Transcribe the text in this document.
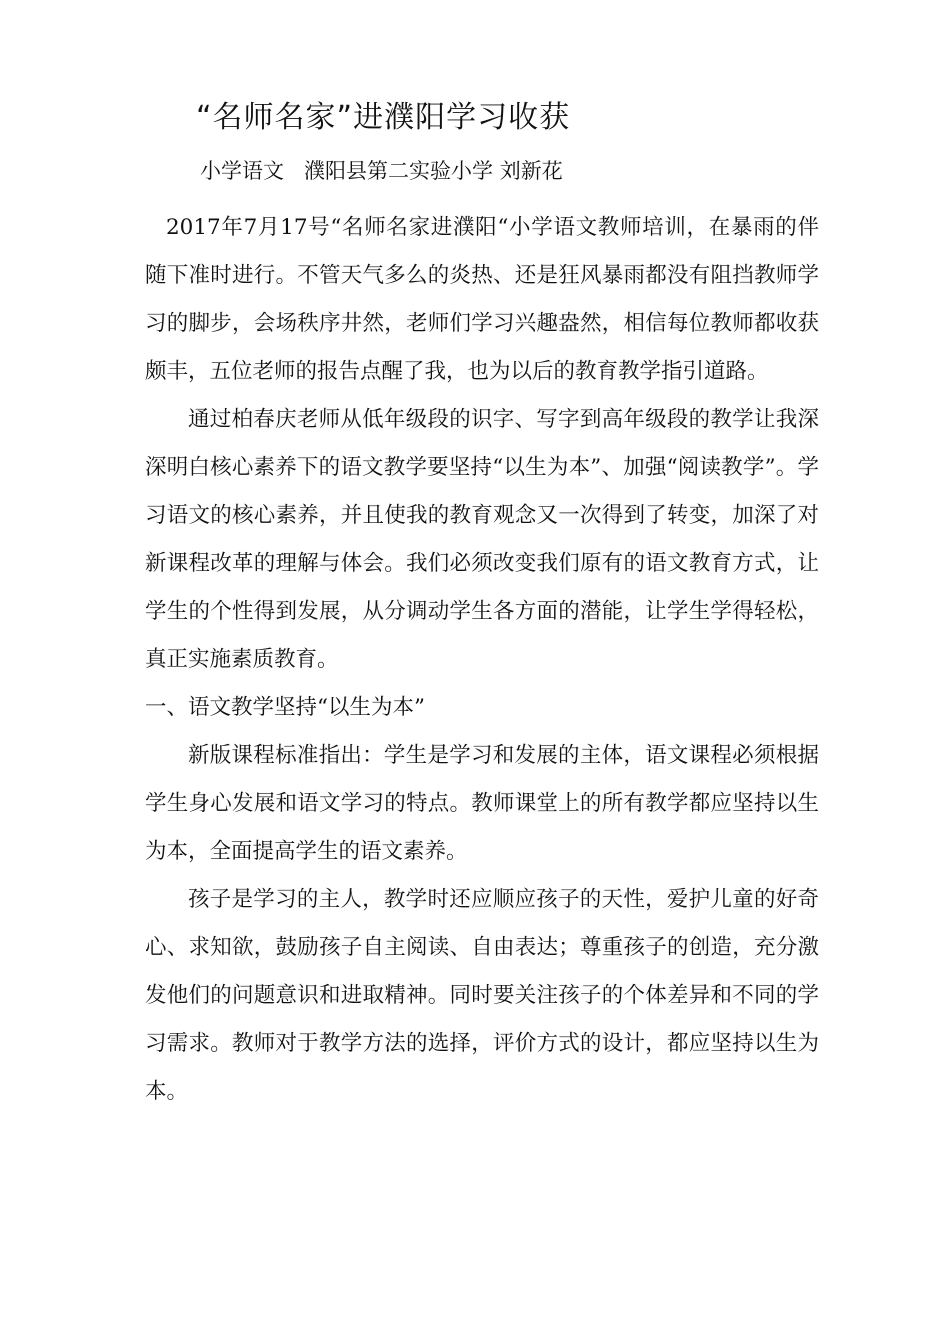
“名师名家”进濮阳学习收获
小学语文   濮阳县第二实验小学 刘新花

2017年7月17号“名师名家进濮阳“小学语文教师培训，在暴雨的伴随下准时进行。不管天气多么的炎热、还是狂风暴雨都没有阻挡教师学习的脚步，会场秩序井然，老师们学习兴趣盎然，相信每位教师都收获颇丰，五位老师的报告点醒了我，也为以后的教育教学指引道路。

通过柏春庆老师从低年级段的识字、写字到高年级段的教学让我深深明白核心素养下的语文教学要坚持“以生为本”、加强“阅读教学”。学习语文的核心素养，并且使我的教育观念又一次得到了转变，加深了对新课程改革的理解与体会。我们必须改变我们原有的语文教育方式，让学生的个性得到发展，从分调动学生各方面的潜能，让学生学得轻松，真正实施素质教育。

一、语文教学坚持“以生为本”

新版课程标准指出：学生是学习和发展的主体，语文课程必须根据学生身心发展和语文学习的特点。教师课堂上的所有教学都应坚持以生为本，全面提高学生的语文素养。

孩子是学习的主人，教学时还应顺应孩子的天性，爱护儿童的好奇心、求知欲，鼓励孩子自主阅读、自由表达；尊重孩子的创造，充分激发他们的问题意识和进取精神。同时要关注孩子的个体差异和不同的学习需求。教师对于教学方法的选择，评价方式的设计，都应坚持以生为本。
